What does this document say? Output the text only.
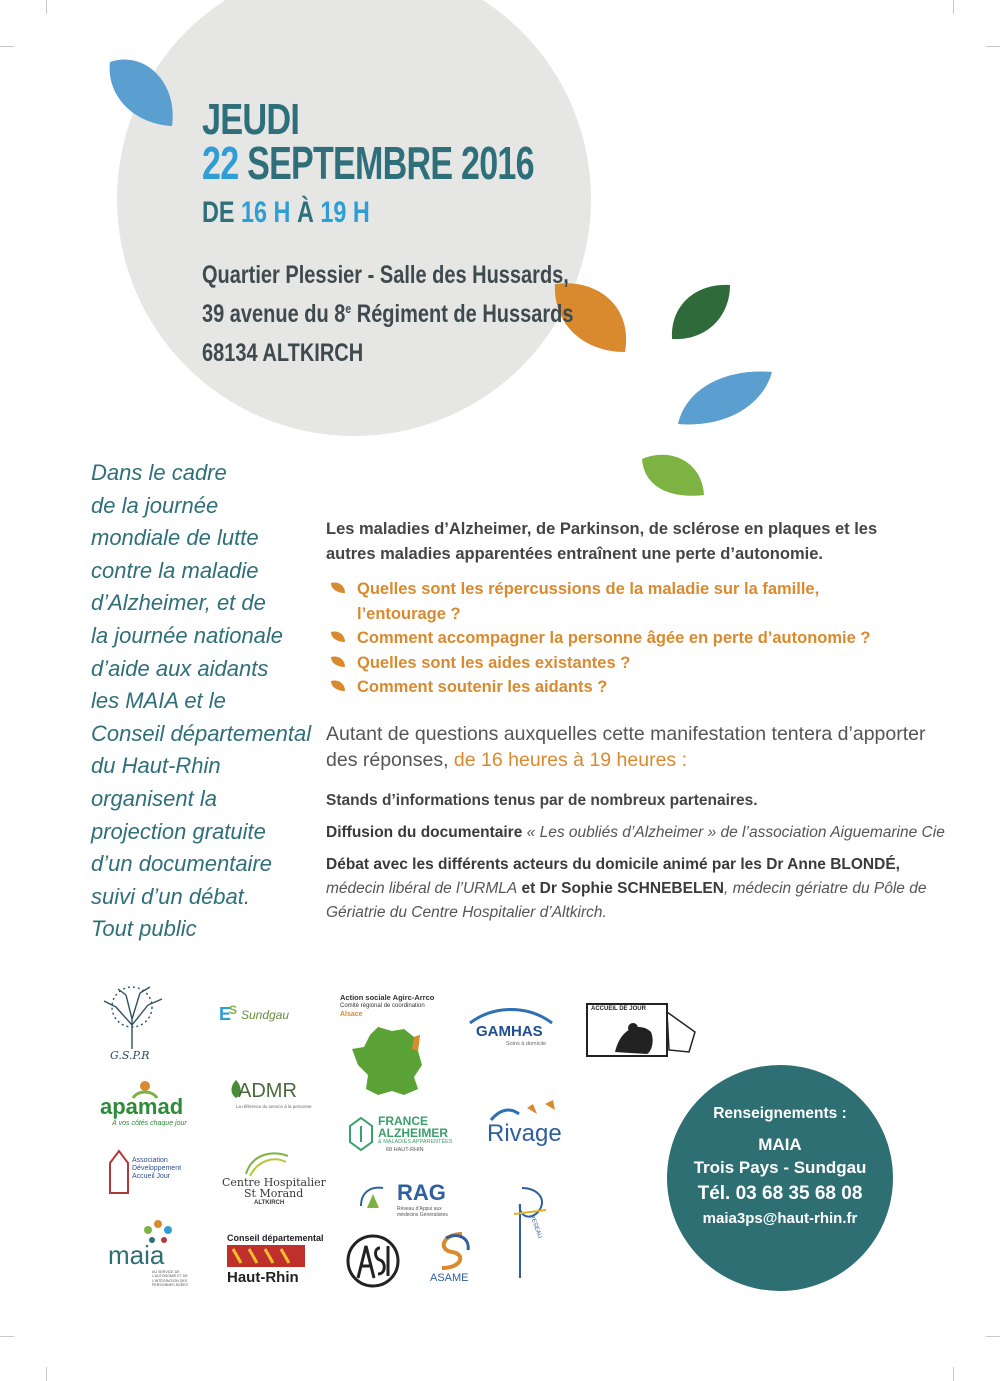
JEUDI
22 SEPTEMBRE 2016
DE 16 H À 19 H
Quartier Plessier - Salle des Hussards,
39 avenue du 8e Régiment de Hussards
68134 ALTKIRCH
Dans le cadre
de la journée
mondiale de lutte
contre la maladie
d’Alzheimer, et de
la journée nationale
d’aide aux aidants
les MAIA et le
Conseil départemental
du Haut-Rhin
organisent la
projection gratuite
d’un documentaire
suivi d’un débat.
Tout public
Les maladies d’Alzheimer, de Parkinson, de sclérose en plaques et les autres maladies apparentées entraînent une perte d’autonomie.
Quelles sont les répercussions de la maladie sur la famille, l’entourage ?
Comment accompagner la personne âgée en perte d’autonomie ?
Quelles sont les aides existantes ?
Comment soutenir les aidants ?
Autant de questions auxquelles cette manifestation tentera d’apporter des réponses, de 16 heures à 19 heures :
Stands d’informations tenus par de nombreux partenaires.
Diffusion du documentaire « Les oubliés d’Alzheimer » de l’association Aiguemarine Cie
Débat avec les différents acteurs du domicile animé par les Dr Anne BLONDÉ, médecin libéral de l’URMLA et Dr Sophie SCHNEBELEN, médecin gériatre du Pôle de Gériatrie du Centre Hospitalier d’Altkirch.
Renseignements :
MAIA
Trois Pays - Sundgau
Tél. 03 68 35 68 08
maia3ps@haut-rhin.fr
G.S.P.R
E
S Sundgau
Action sociale Agirc-Arrco
Comité régional de coordination
Alsace
GAMHAS
Soins à domicile
ACCUEIL DE JOUR
apamad
À vos côtés chaque jour
ADMR
La référence du service à la personne
FRANCE
ALZHEIMER
& MALADIES APPARENTÉES
68 HAUT-RHIN
Rivage
Association Développement Accueil Jour	Centre Hospitalier
St Morand
ALTKIRCH	RAG
Réseau d’Appui aux médecins Généralistes	RESEAU
maia
AU SERVICE DE L’AUTONOMIE ET DE L’INTÉGRATION DES PERSONNES ÂGÉES
Conseil départemental
Haut-Rhin	ASAME
